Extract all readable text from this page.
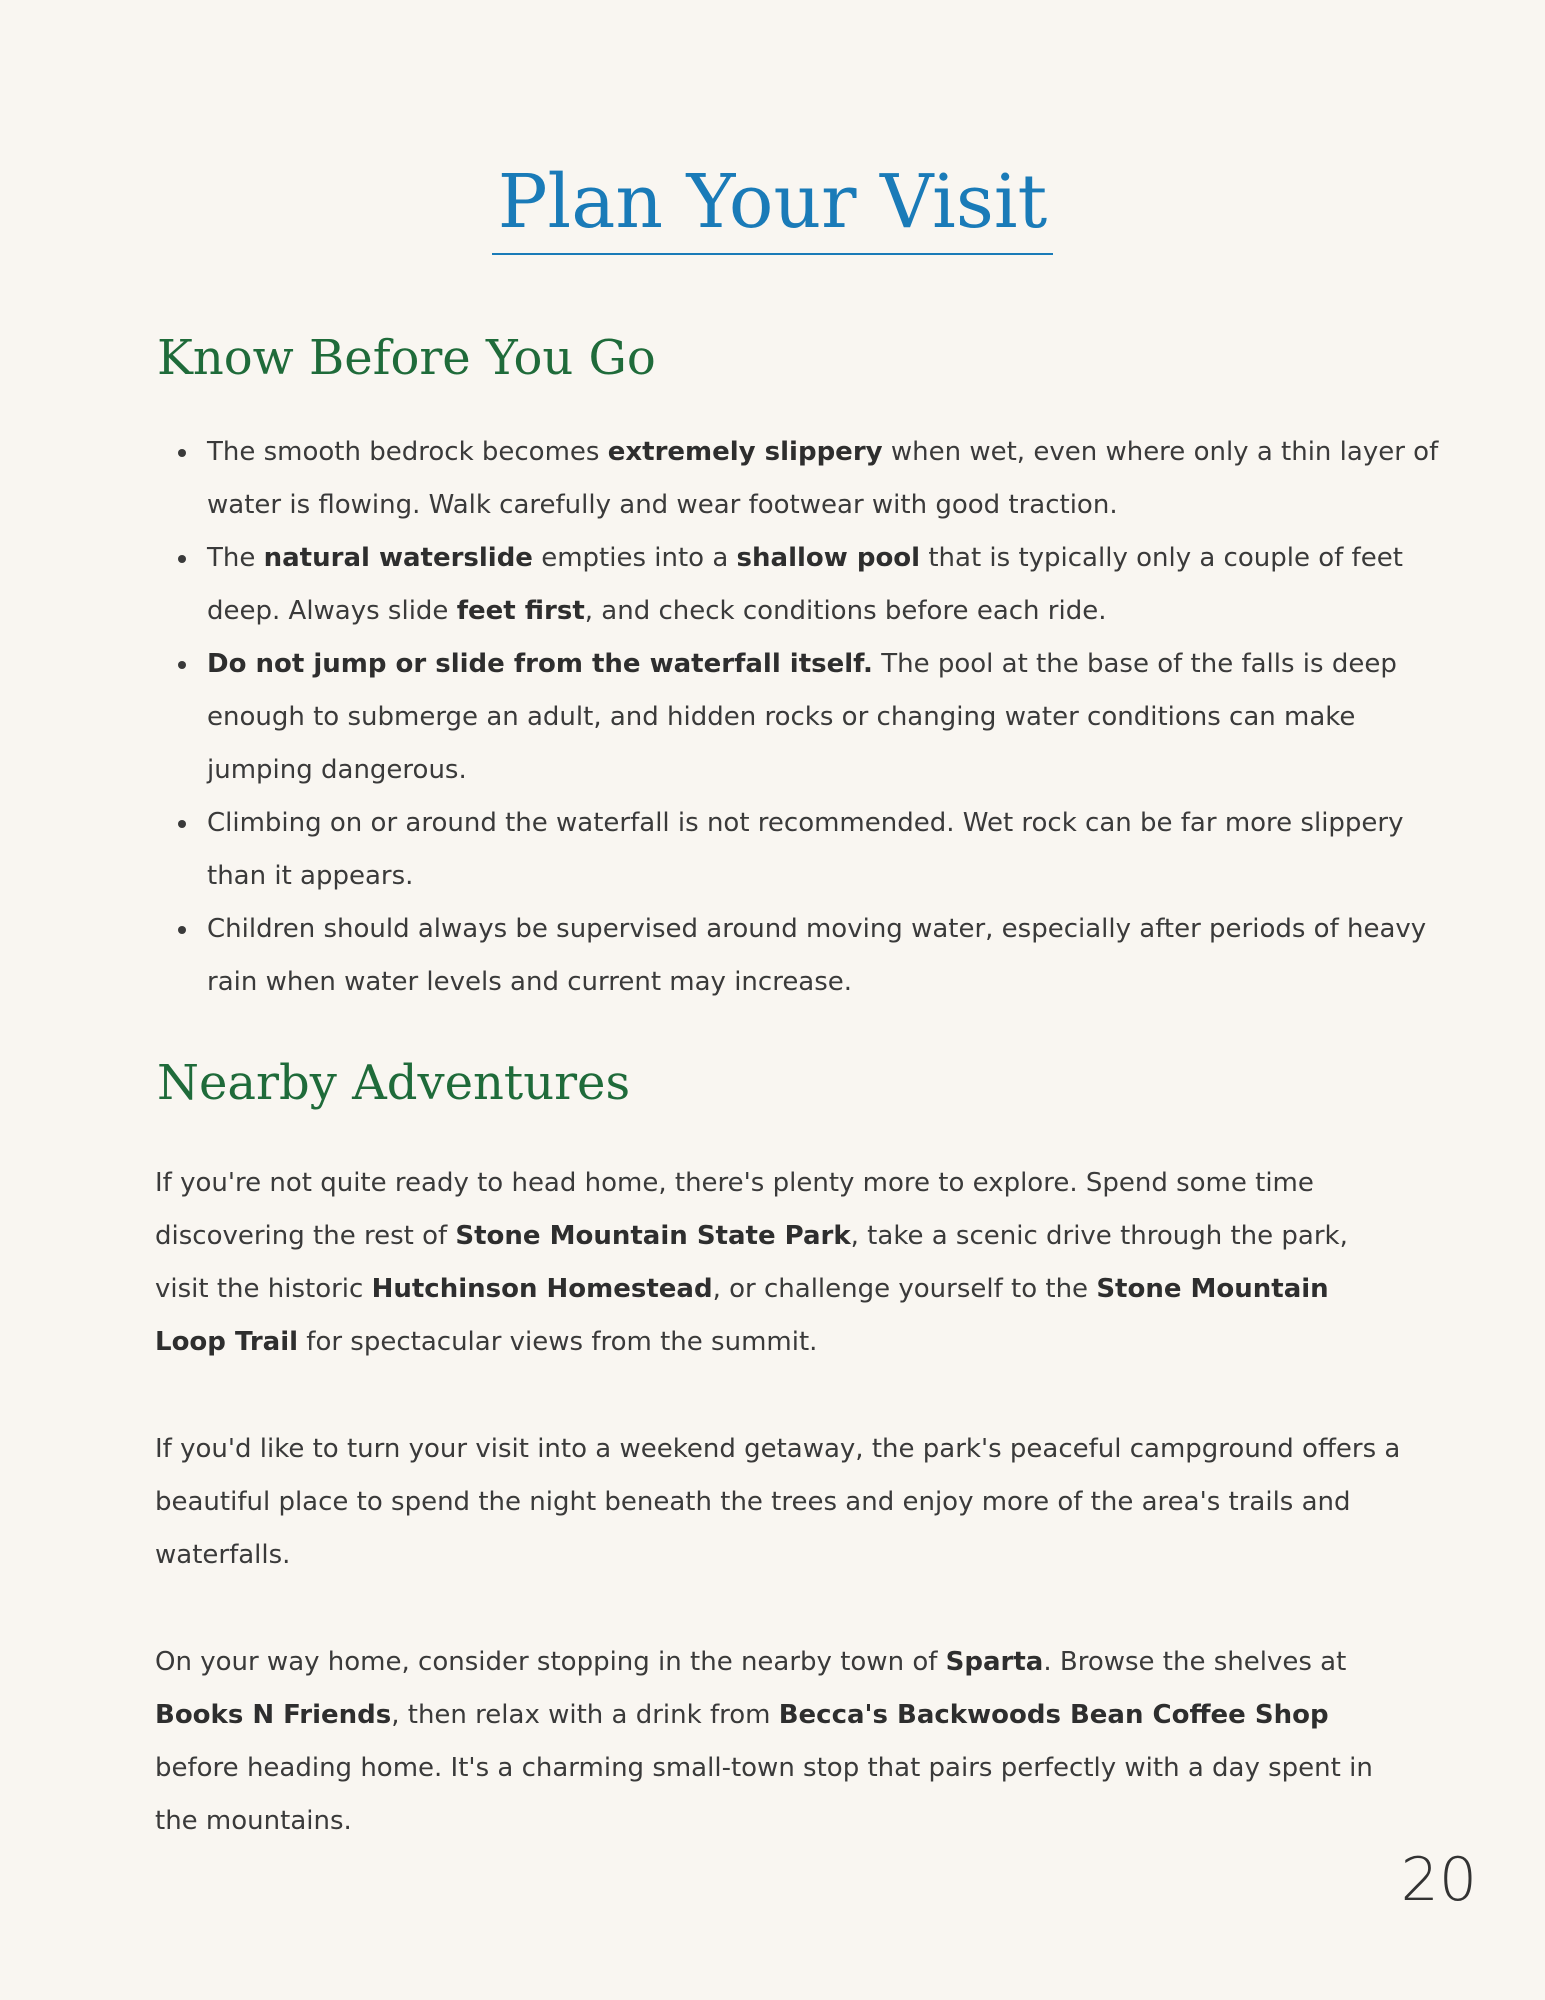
Plan Your Visit
Know Before You Go
The smooth bedrock becomes extremely slippery when wet, even where only a thin layer of water is flowing. Walk carefully and wear footwear with good traction.
The natural waterslide empties into a shallow pool that is typically only a couple of feet deep. Always slide feet first, and check conditions before each ride.
Do not jump or slide from the waterfall itself. The pool at the base of the falls is deep enough to submerge an adult, and hidden rocks or changing water conditions can make jumping dangerous.
Climbing on or around the waterfall is not recommended. Wet rock can be far more slippery than it appears.
Children should always be supervised around moving water, especially after periods of heavy rain when water levels and current may increase.
Nearby Adventures

If you're not quite ready to head home, there's plenty more to explore. Spend some time discovering the rest of Stone Mountain State Park, take a scenic drive through the park, visit the historic Hutchinson Homestead, or challenge yourself to the Stone Mountain Loop Trail for spectacular views from the summit.

If you'd like to turn your visit into a weekend getaway, the park's peaceful campground offers a beautiful place to spend the night beneath the trees and enjoy more of the area's trails and waterfalls.

On your way home, consider stopping in the nearby town of Sparta. Browse the shelves at Books N Friends, then relax with a drink from Becca's Backwoods Bean Coffee Shop before heading home. It's a charming small-town stop that pairs perfectly with a day spent in the mountains.

20
